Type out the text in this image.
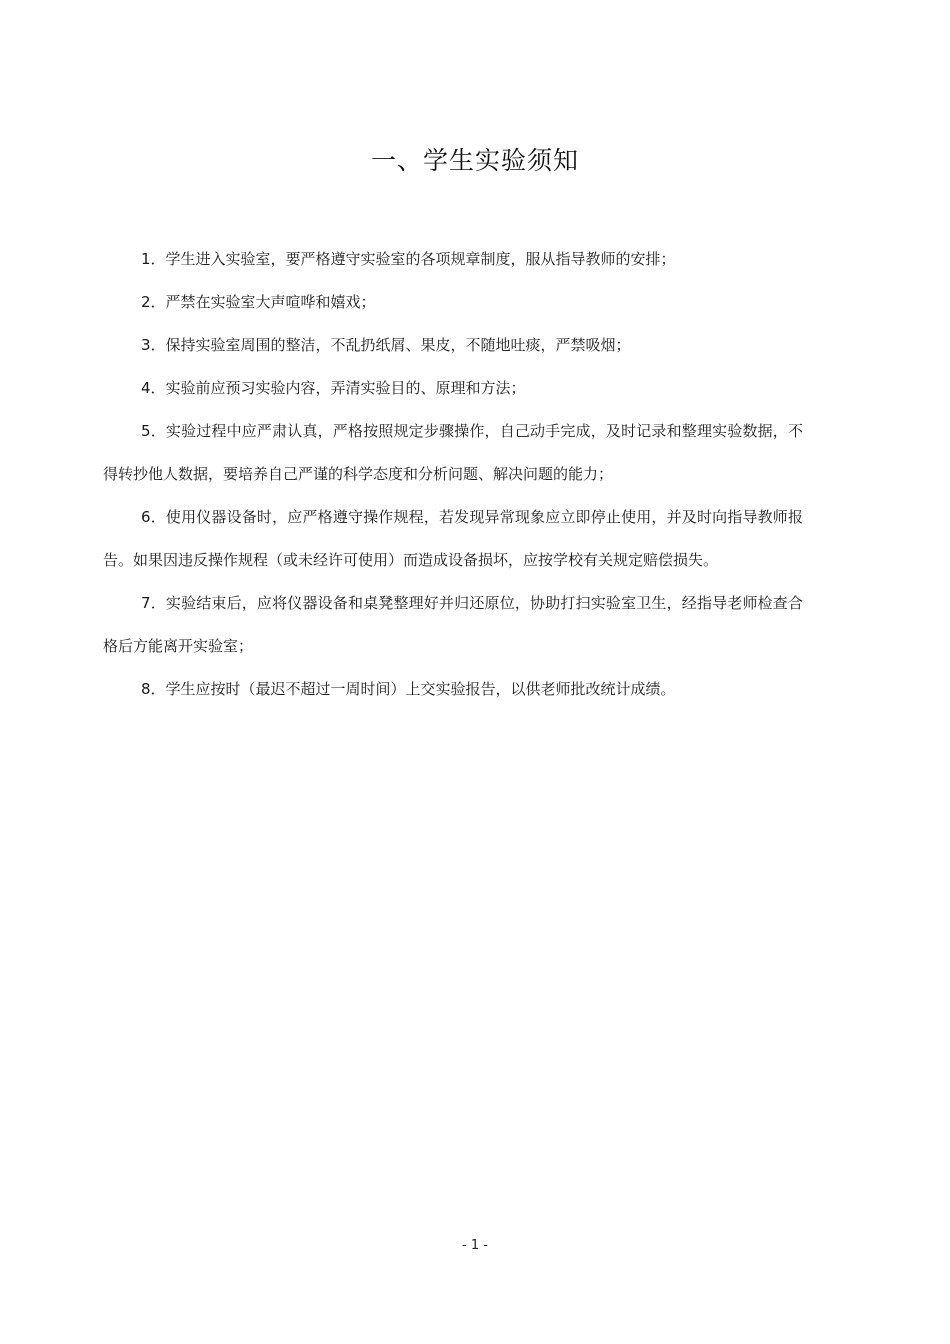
一、学生实验须知

1．学生进入实验室，要严格遵守实验室的各项规章制度，服从指导教师的安排；

2．严禁在实验室大声喧哗和嬉戏；

3．保持实验室周围的整洁，不乱扔纸屑、果皮，不随地吐痰，严禁吸烟；

4．实验前应预习实验内容，弄清实验目的、原理和方法；

5．实验过程中应严肃认真，严格按照规定步骤操作，自己动手完成，及时记录和整理实验数据，不得转抄他人数据，要培养自己严谨的科学态度和分析问题、解决问题的能力；

6．使用仪器设备时，应严格遵守操作规程，若发现异常现象应立即停止使用，并及时向指导教师报告。如果因违反操作规程（或未经许可使用）而造成设备损坏，应按学校有关规定赔偿损失。

7．实验结束后，应将仪器设备和桌凳整理好并归还原位，协助打扫实验室卫生，经指导老师检查合格后方能离开实验室；

8．学生应按时（最迟不超过一周时间）上交实验报告，以供老师批改统计成绩。

- 1 -
